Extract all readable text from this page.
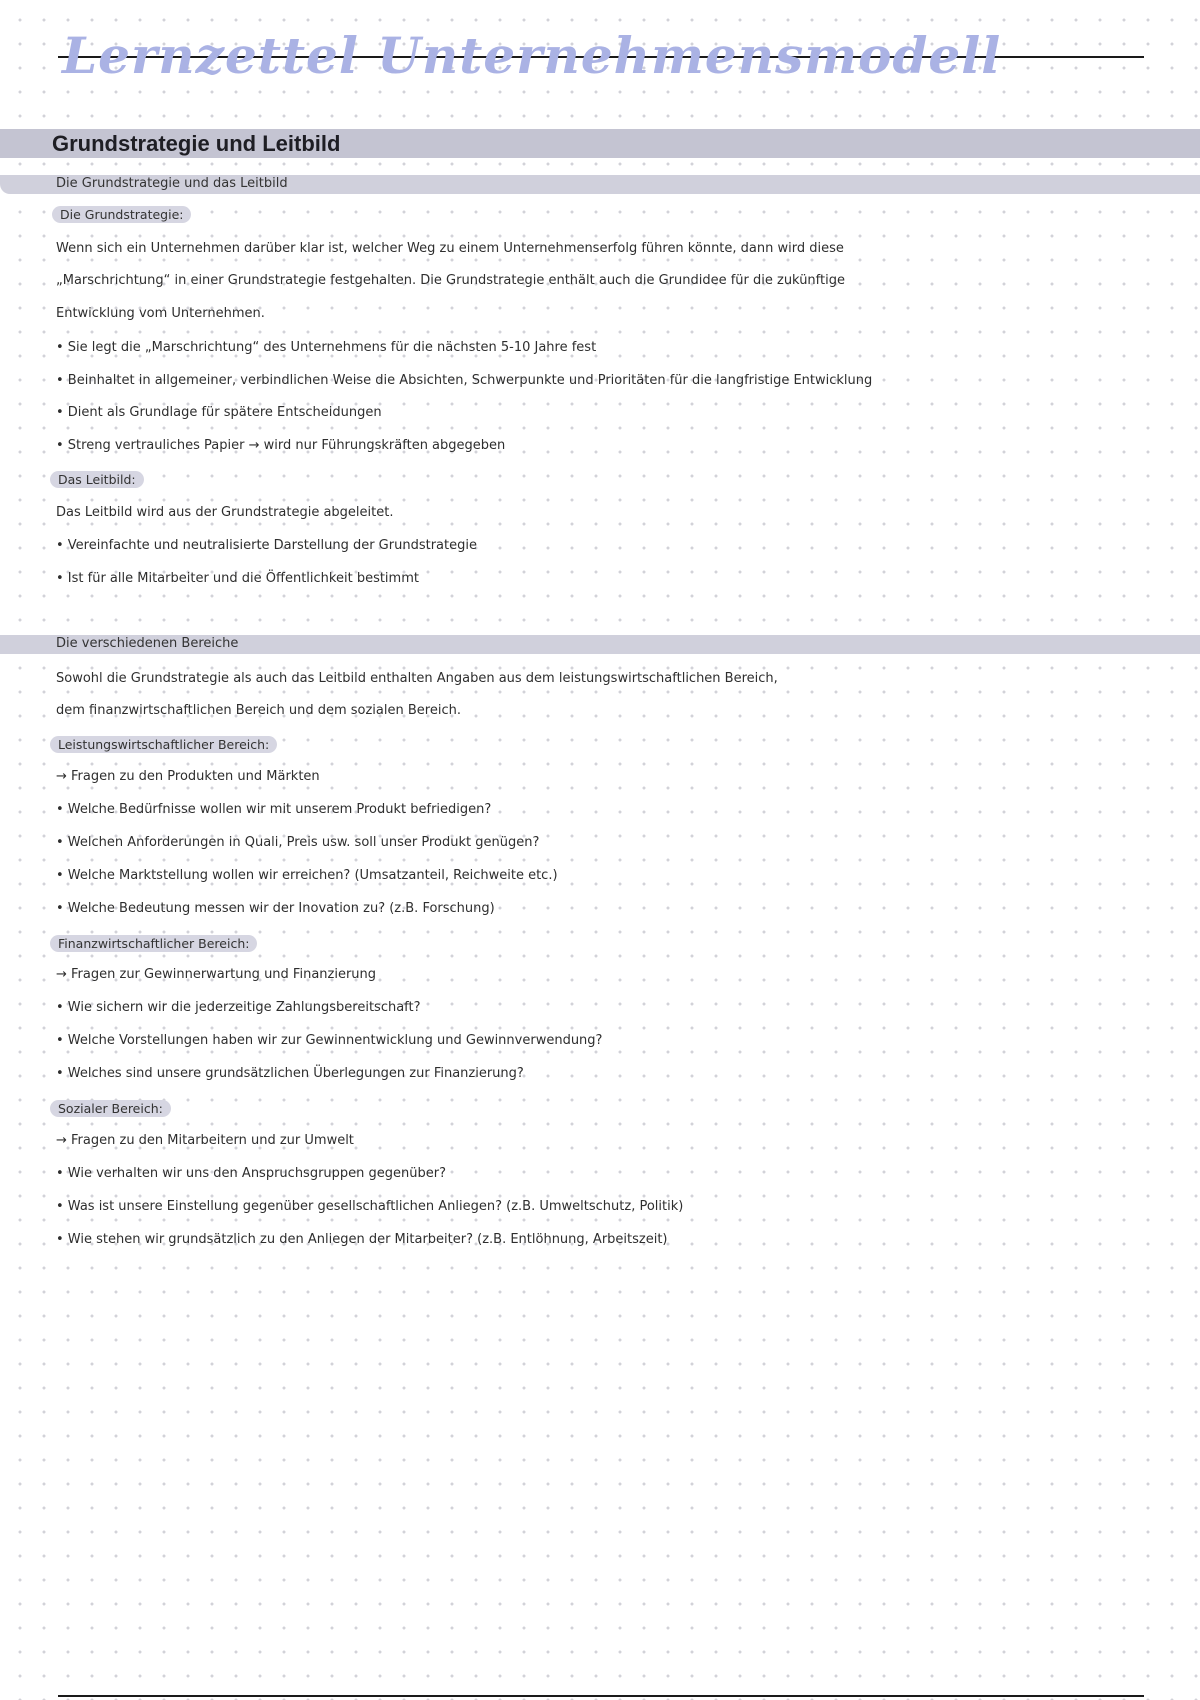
Lernzettel Unternehmensmodell
Grundstrategie und Leitbild
Die Grundstrategie und das Leitbild
Die Grundstrategie:

Wenn sich ein Unternehmen darüber klar ist, welcher Weg zu einem Unternehmenserfolg führen könnte, dann wird diese

„Marschrichtung“ in einer Grundstrategie festgehalten. Die Grundstrategie enthält auch die Grundidee für die zukünftige

Entwicklung vom Unternehmen.

• Sie legt die „Marschrichtung“ des Unternehmens für die nächsten 5-10 Jahre fest

• Beinhaltet in allgemeiner, verbindlichen Weise die Absichten, Schwerpunkte und Prioritäten für die langfristige Entwicklung

• Dient als Grundlage für spätere Entscheidungen

• Streng vertrauliches Papier → wird nur Führungskräften abgegeben

Das Leitbild:

Das Leitbild wird aus der Grundstrategie abgeleitet.

• Vereinfachte und neutralisierte Darstellung der Grundstrategie

• Ist für alle Mitarbeiter und die Öffentlichkeit bestimmt

Die verschiedenen Bereiche

Sowohl die Grundstrategie als auch das Leitbild enthalten Angaben aus dem leistungswirtschaftlichen Bereich,

dem finanzwirtschaftlichen Bereich und dem sozialen Bereich.

Leistungswirtschaftlicher Bereich:

→ Fragen zu den Produkten und Märkten

• Welche Bedürfnisse wollen wir mit unserem Produkt befriedigen?

• Welchen Anforderungen in Quali, Preis usw. soll unser Produkt genügen?

• Welche Marktstellung wollen wir erreichen? (Umsatzanteil, Reichweite etc.)

• Welche Bedeutung messen wir der Inovation zu? (z.B. Forschung)

Finanzwirtschaftlicher Bereich:

→ Fragen zur Gewinnerwartung und Finanzierung

• Wie sichern wir die jederzeitige Zahlungsbereitschaft?

• Welche Vorstellungen haben wir zur Gewinnentwicklung und Gewinnverwendung?

• Welches sind unsere grundsätzlichen Überlegungen zur Finanzierung?

Sozialer Bereich:

→ Fragen zu den Mitarbeitern und zur Umwelt

• Wie verhalten wir uns den Anspruchsgruppen gegenüber?

• Was ist unsere Einstellung gegenüber gesellschaftlichen Anliegen? (z.B. Umweltschutz, Politik)

• Wie stehen wir grundsätzlich zu den Anliegen der Mitarbeiter? (z.B. Entlöhnung, Arbeitszeit)
